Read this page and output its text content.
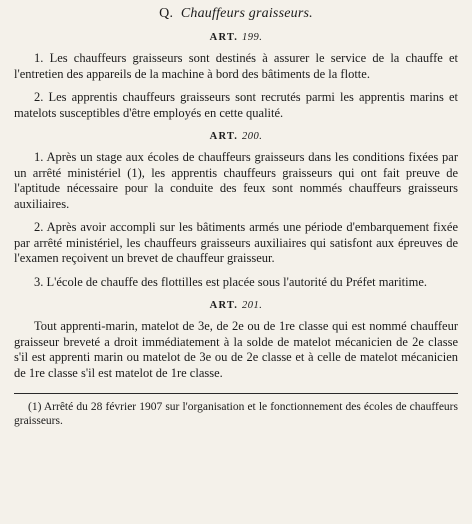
Q. Chauffeurs graisseurs.
ART. 199.

1. Les chauffeurs graisseurs sont destinés à assurer le service de la chauffe et l'entretien des appareils de la machine à bord des bâtiments de la flotte.

2. Les apprentis chauffeurs graisseurs sont recrutés parmi les apprentis marins et matelots susceptibles d'être employés en cette qualité.

ART. 200.

1. Après un stage aux écoles de chauffeurs graisseurs dans les conditions fixées par un arrêté ministériel (1), les apprentis chauffeurs graisseurs qui ont fait preuve de l'aptitude nécessaire pour la conduite des feux sont nommés chauffeurs graisseurs auxiliaires.

2. Après avoir accompli sur les bâtiments armés une période d'embarquement fixée par arrêté ministériel, les chauffeurs graisseurs auxiliaires qui satisfont aux épreuves de l'examen reçoivent un brevet de chauffeur graisseur.

3. L'école de chauffe des flottilles est placée sous l'autorité du Préfet maritime.

ART. 201.

Tout apprenti-marin, matelot de 3e, de 2e ou de 1re classe qui est nommé chauffeur graisseur breveté a droit immédiatement à la solde de matelot mécanicien de 2e classe s'il est apprenti marin ou matelot de 3e ou de 2e classe et à celle de matelot mécanicien de 1re classe s'il est matelot de 1re classe.

(1) Arrêté du 28 février 1907 sur l'organisation et le fonctionnement des écoles de chauffeurs graisseurs.
